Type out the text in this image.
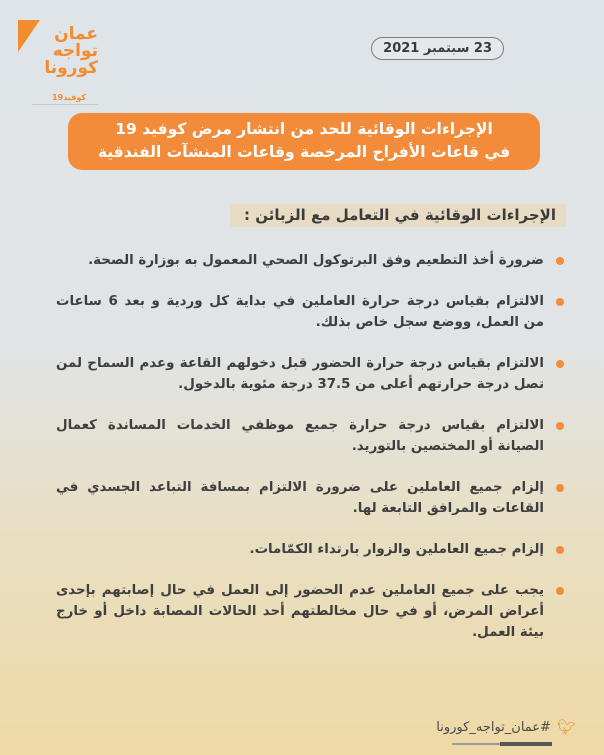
عمان
تواجه
كورونا
كوفيد19
23 سبتمبر 2021
الإجراءات الوقائية للحد من انتشار مرض كوفيد 19
في قاعات الأفراح المرخصة وقاعات المنشآت الفندقية
الإجراءات الوقائية في التعامل مع الزبائن :
ضرورة أخذ التطعيم وفق البرتوكول الصحي المعمول به بوزارة الصحة.
الالتزام بقياس درجة حرارة العاملين في بداية كل وردية و بعد 6 ساعات من العمل، ووضع سجل خاص بذلك.
الالتزام بقياس درجة حرارة الحضور قبل دخولهم القاعة وعدم السماح لمن تصل درجة حرارتهم أعلى من 37.5 درجة مئوية بالدخول.
الالتزام بقياس درجة حرارة جميع موظفي الخدمات المساندة كعمال الصيانة أو المختصين بالتوريد.
إلزام جميع العاملين على ضرورة الالتزام بمسافة التباعد الجسدي في القاعات والمرافق التابعة لها.
إلزام جميع العاملين والزوار بارتداء الكمّامات.
يجب على جميع العاملين عدم الحضور إلى العمل في حال إصابتهم بإحدى أعراض المرض، أو في حال مخالطتهم أحد الحالات المصابة داخل أو خارج بيئة العمل.
🐦︎
#عمان_تواجه_كورونا
